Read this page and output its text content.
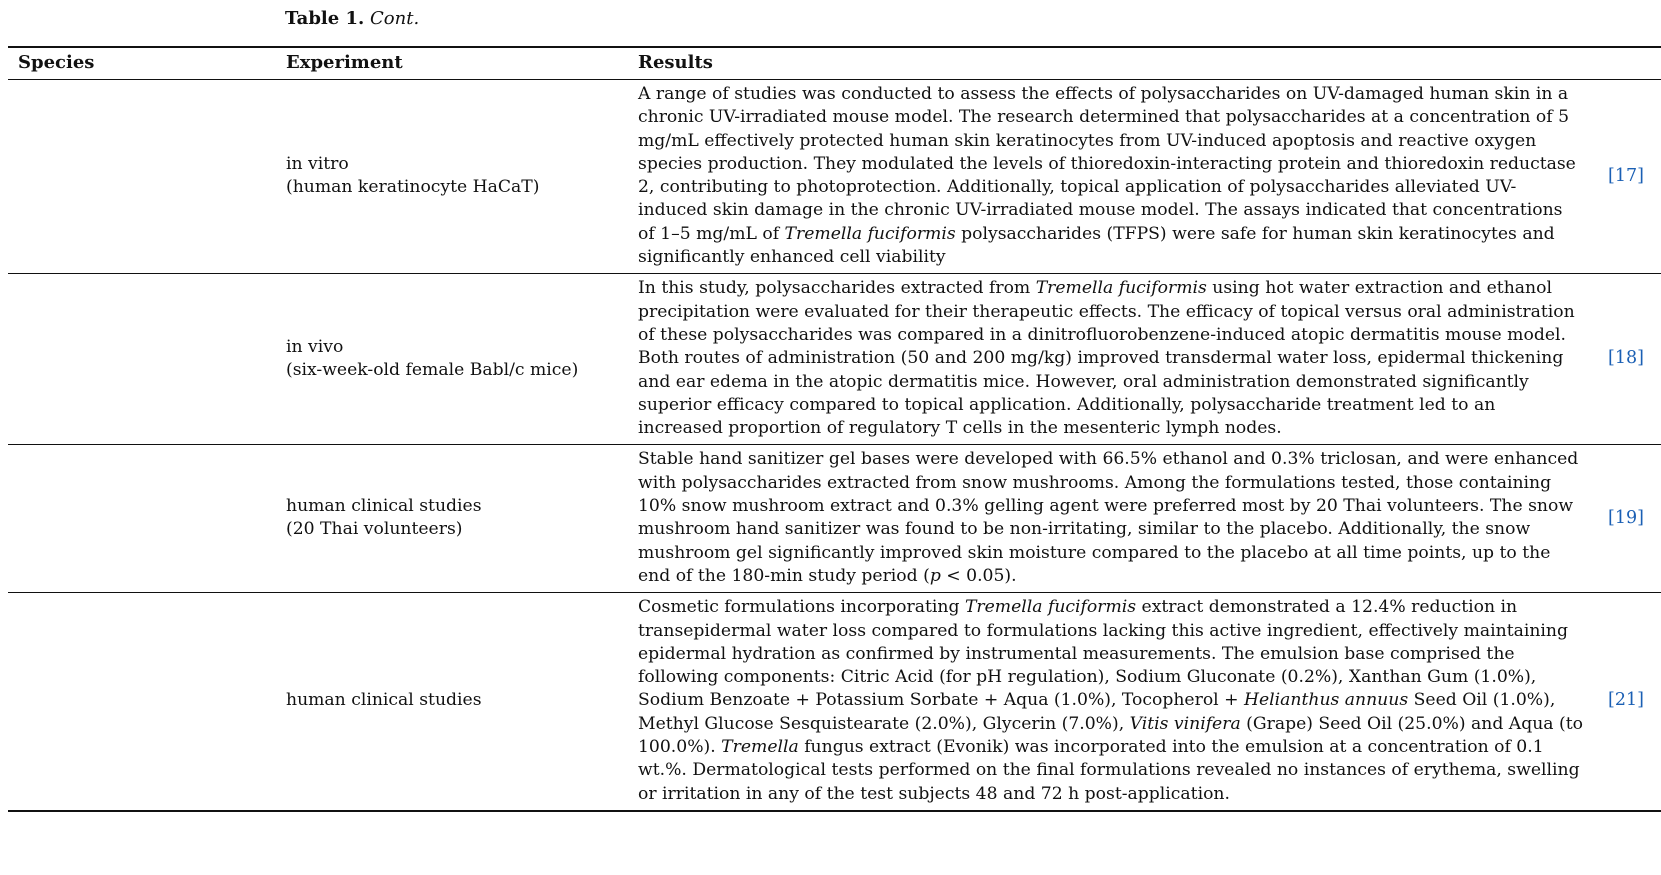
Table 1. Cont.
Species	Experiment	Results	

	in vitro
(human keratinocyte HaCaT)	A range of studies was conducted to assess the effects of polysaccharides on UV-damaged human skin in a chronic UV-irradiated mouse model. The research determined that polysaccharides at a concentration of 5 mg/mL effectively protected human skin keratinocytes from UV-induced apoptosis and reactive oxygen species production. They modulated the levels of thioredoxin-interacting protein and thioredoxin reductase 2, contributing to photoprotection. Additionally, topical application of polysaccharides alleviated UV-induced skin damage in the chronic UV-irradiated mouse model. The assays indicated that concentrations of 1–5 mg/mL of Tremella fuciformis polysaccharides (TFPS) were safe for human skin keratinocytes and significantly enhanced cell viability	[17]

	in vivo
(six-week-old female Babl/c mice)	In this study, polysaccharides extracted from Tremella fuciformis using hot water extraction and ethanol precipitation were evaluated for their therapeutic effects. The efficacy of topical versus oral administration of these polysaccharides was compared in a dinitrofluorobenzene-induced atopic dermatitis mouse model. Both routes of administration (50 and 200 mg/kg) improved transdermal water loss, epidermal thickening and ear edema in the atopic dermatitis mice. However, oral administration demonstrated significantly superior efficacy compared to topical application. Additionally, polysaccharide treatment led to an increased proportion of regulatory T cells in the mesenteric lymph nodes.	[18]

	human clinical studies
(20 Thai volunteers)	Stable hand sanitizer gel bases were developed with 66.5% ethanol and 0.3% triclosan, and were enhanced with polysaccharides extracted from snow mushrooms. Among the formulations tested, those containing 10% snow mushroom extract and 0.3% gelling agent were preferred most by 20 Thai volunteers. The snow mushroom hand sanitizer was found to be non-irritating, similar to the placebo. Additionally, the snow mushroom gel significantly improved skin moisture compared to the placebo at all time points, up to the end of the 180-min study period (p < 0.05).	[19]

	human clinical studies	Cosmetic formulations incorporating Tremella fuciformis extract demonstrated a 12.4% reduction in transepidermal water loss compared to formulations lacking this active ingredient, effectively maintaining epidermal hydration as confirmed by instrumental measurements. The emulsion base comprised the following components: Citric Acid (for pH regulation), Sodium Gluconate (0.2%), Xanthan Gum (1.0%), Sodium Benzoate + Potassium Sorbate + Aqua (1.0%), Tocopherol + Helianthus annuus Seed Oil (1.0%), Methyl Glucose Sesquistearate (2.0%), Glycerin (7.0%), Vitis vinifera (Grape) Seed Oil (25.0%) and Aqua (to 100.0%). Tremella fungus extract (Evonik) was incorporated into the emulsion at a concentration of 0.1 wt.%. Dermatological tests performed on the final formulations revealed no instances of erythema, swelling or irritation in any of the test subjects 48 and 72 h post-application.	[21]
